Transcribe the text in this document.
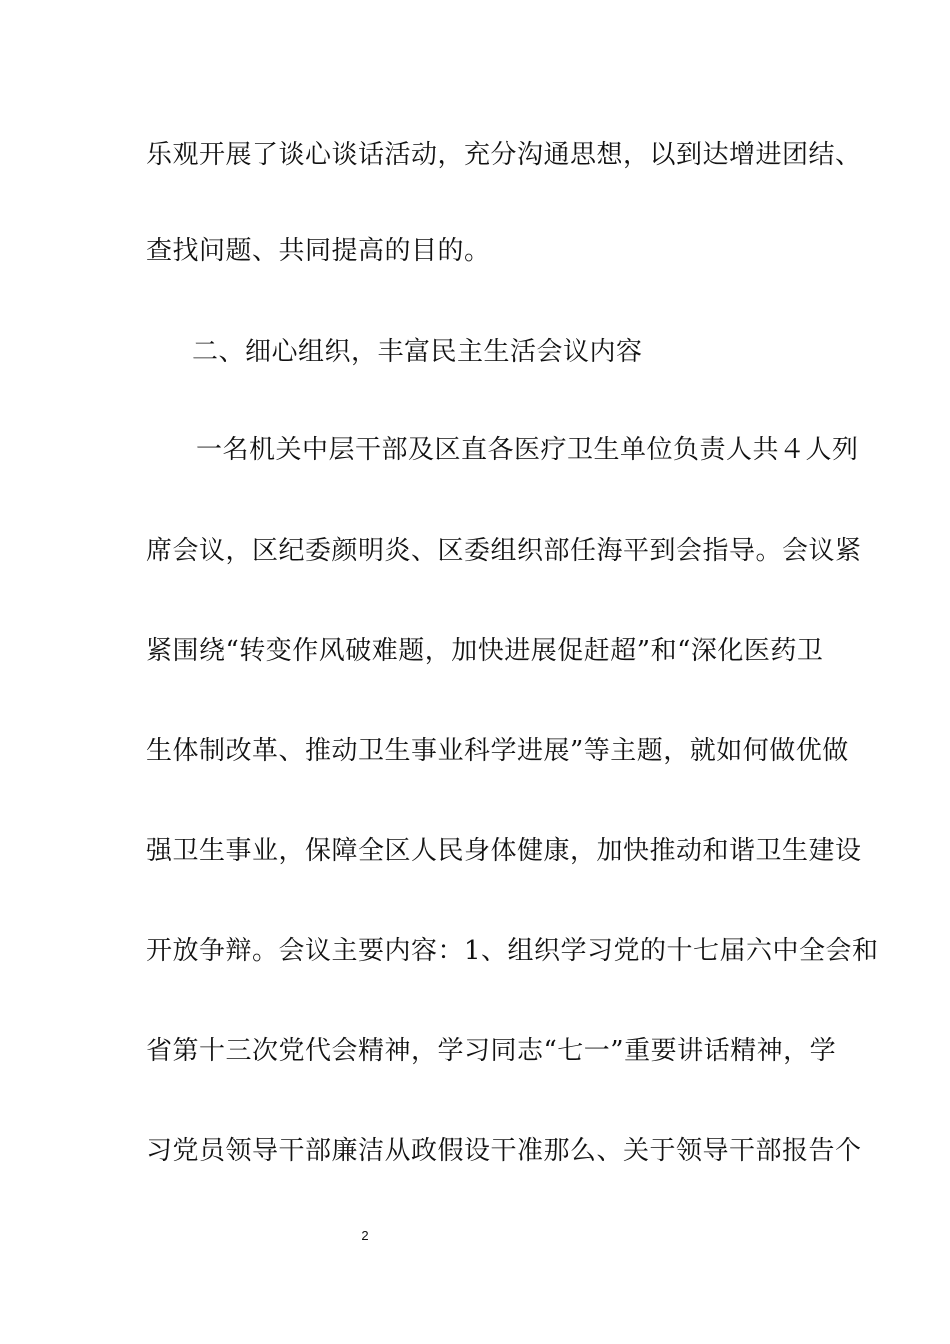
乐观开展了谈心谈话活动，充分沟通思想，以到达增进团结、
查找问题、共同提高的目的。
二、细心组织，丰富民主生活会议内容
一名机关中层干部及区直各医疗卫生单位负责人共４人列
席会议，区纪委颜明炎、区委组织部任海平到会指导。会议紧
紧围绕“转变作风破难题，加快进展促赶超”和“深化医药卫
生体制改革、推动卫生事业科学进展”等主题，就如何做优做
强卫生事业，保障全区人民身体健康，加快推动和谐卫生建设
开放争辩。会议主要内容：1、组织学习党的十七届六中全会和
省第十三次党代会精神，学习同志“七一”重要讲话精神，学
习党员领导干部廉洁从政假设干准那么、关于领导干部报告个
2
